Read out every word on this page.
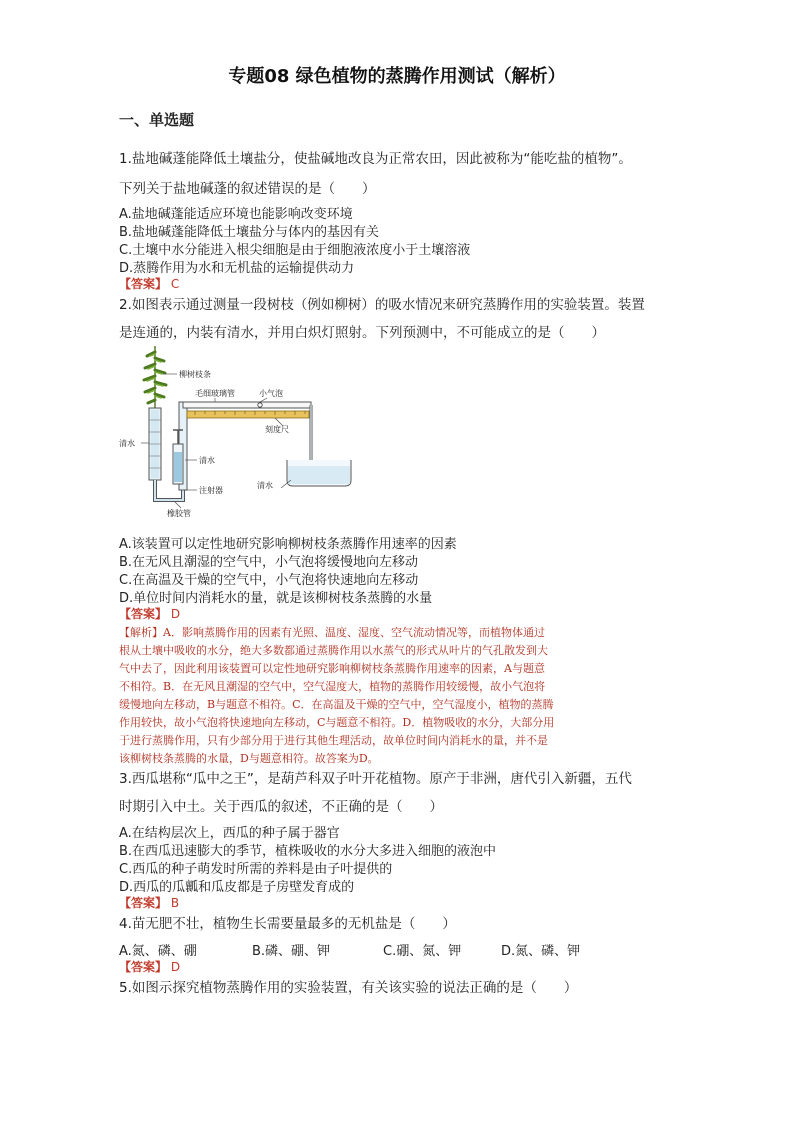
专题08 绿色植物的蒸腾作用测试（解析）
一、单选题
1.盐地碱蓬能降低土壤盐分，使盐碱地改良为正常农田，因此被称为“能吃盐的植物”。
下列关于盐地碱蓬的叙述错误的是（　　）
A.盐地碱蓬能适应环境也能影响改变环境
B.盐地碱蓬能降低土壤盐分与体内的基因有关
C.土壤中水分能进入根尖细胞是由于细胞液浓度小于土壤溶液
D.蒸腾作用为水和无机盐的运输提供动力
【答案】 C
2.如图表示通过测量一段树枝（例如柳树）的吸水情况来研究蒸腾作用的实验装置。装置
是连通的，内装有清水，并用白炽灯照射。下列预测中，不可能成立的是（　　）
柳树枝条
毛细玻璃管	小气泡
刻度尺
清水
清水
注射器
橡胶管
清水
A.该装置可以定性地研究影响柳树枝条蒸腾作用速率的因素
B.在无风且潮湿的空气中，小气泡将缓慢地向左移动
C.在高温及干燥的空气中，小气泡将快速地向左移动
D.单位时间内消耗水的量，就是该柳树枝条蒸腾的水量
【答案】 D
【解析】A．影响蒸腾作用的因素有光照、温度、湿度、空气流动情况等，而植物体通过
根从土壤中吸收的水分，绝大多数都通过蒸腾作用以水蒸气的形式从叶片的气孔散发到大
气中去了，因此利用该装置可以定性地研究影响柳树枝条蒸腾作用速率的因素，A与题意
不相符。B．在无风且潮湿的空气中，空气湿度大，植物的蒸腾作用较缓慢，故小气泡将
缓慢地向左移动，B与题意不相符。C．在高温及干燥的空气中，空气湿度小，植物的蒸腾
作用较快，故小气泡将快速地向左移动，C与题意不相符。D．植物吸收的水分，大部分用
于进行蒸腾作用，只有少部分用于进行其他生理活动，故单位时间内消耗水的量，并不是
该柳树枝条蒸腾的水量，D与题意相符。故答案为D。
3.西瓜堪称“瓜中之王”，是葫芦科双子叶开花植物。原产于非洲，唐代引入新疆，五代
时期引入中土。关于西瓜的叙述，不正确的是（　　）
A.在结构层次上，西瓜的种子属于器官
B.在西瓜迅速膨大的季节，植株吸收的水分大多进入细胞的液泡中
C.西瓜的种子萌发时所需的养料是由子叶提供的
D.西瓜的瓜瓤和瓜皮都是子房壁发育成的
【答案】 B
4.苗无肥不壮，植物生长需要量最多的无机盐是（　　）
A.氮、磷、硼	B.磷、硼、钾	C.硼、氮、钾	D.氮、磷、钾
【答案】 D
5.如图示探究植物蒸腾作用的实验装置，有关该实验的说法正确的是（　　）
